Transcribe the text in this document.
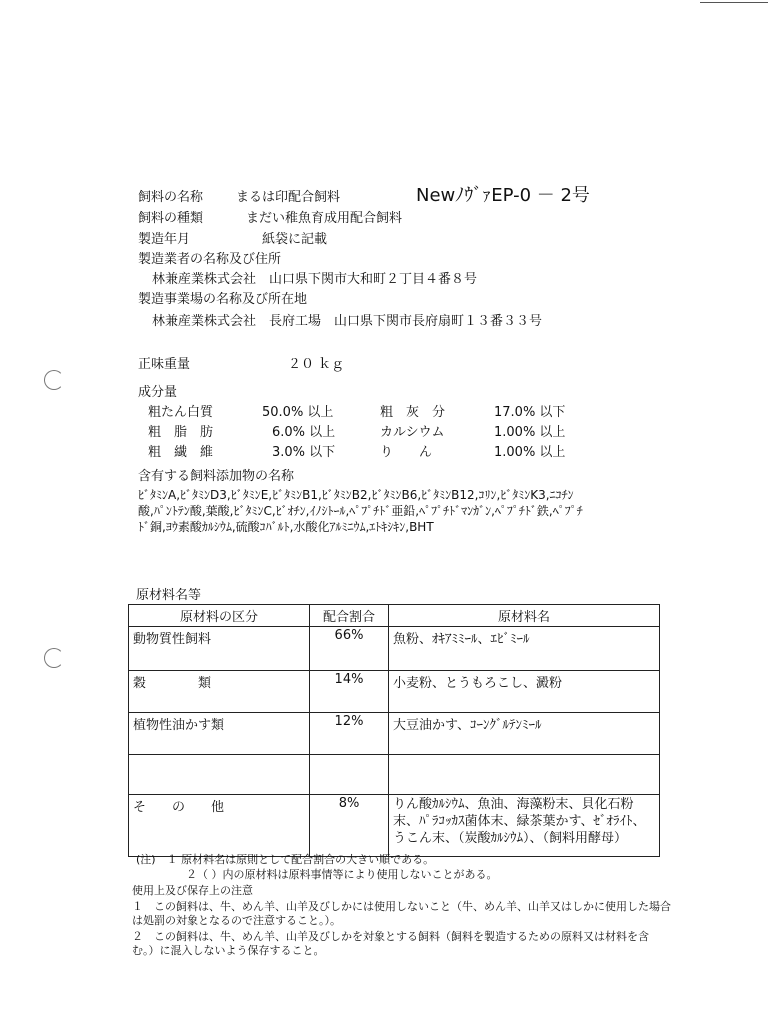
飼料の名称	まるは印配合飼料	NewﾉｳﾞｧEP-0 － 2号
飼料の種類	まだい稚魚育成用配合飼料
製造年月	紙袋に記載
製造業者の名称及び住所
林兼産業株式会社　山口県下関市大和町２丁目４番８号
製造事業場の名称及び所在地
林兼産業株式会社　長府工場　山口県下関市長府扇町１３番３３号
正味重量	２０ ｋｇ
成分量
粗たん白質	50.0% 以上	粗　灰　分	17.0% 以下
粗　脂　肪	6.0% 以上	カルシウム	1.00% 以上
粗　繊　維	3.0% 以下	り　　ん	1.00% 以上
含有する飼料添加物の名称
ﾋﾞﾀﾐﾝA,ﾋﾞﾀﾐﾝD3,ﾋﾞﾀﾐﾝE,ﾋﾞﾀﾐﾝB1,ﾋﾞﾀﾐﾝB2,ﾋﾞﾀﾐﾝB6,ﾋﾞﾀﾐﾝB12,ｺﾘﾝ,ﾋﾞﾀﾐﾝK3,ﾆｺﾁﾝ
酸,ﾊﾟﾝﾄﾃﾝ酸,葉酸,ﾋﾞﾀﾐﾝC,ﾋﾞｵﾁﾝ,ｲﾉｼﾄｰﾙ,ﾍﾟﾌﾟﾁﾄﾞ亜鉛,ﾍﾟﾌﾟﾁﾄﾞﾏﾝｶﾞﾝ,ﾍﾟﾌﾟﾁﾄﾞ鉄,ﾍﾟﾌﾟﾁ
ﾄﾞ銅,ﾖｳ素酸ｶﾙｼｳﾑ,硫酸ｺﾊﾞﾙﾄ,水酸化ｱﾙﾐﾆｳﾑ,ｴﾄｷｼｷﾝ,BHT
原材料名等
原材料の区分	配合割合	原材料名
動物質性飼料	66%	魚粉、ｵｷｱﾐﾐｰﾙ、ｴﾋﾞﾐｰﾙ
穀　　　　類	14%	小麦粉、とうもろこし、澱粉
植物性油かす類	12%	大豆油かす、ｺｰﾝｸﾞﾙﾃﾝﾐｰﾙ

そ　　の　　他	8%	りん酸ｶﾙｼｳﾑ、魚油、海藻粉末、貝化石粉末、ﾊﾟﾗｺｯｶｽ菌体末、緑茶葉かす、ｾﾞｵﾗｲﾄ、うこん末、（炭酸ｶﾙｼｳﾑ）、（飼料用酵母）
(注)　１ 原材料名は原則として配合割合の大きい順である。
２（ ）内の原材料は原料事情等により使用しないことがある。
使用上及び保存上の注意
１　この飼料は、牛、めん羊、山羊及びしかには使用しないこと（牛、めん羊、山羊又はしかに使用した場合
は処罰の対象となるので注意すること。）。
２　この飼料は、牛、めん羊、山羊及びしかを対象とする飼料（飼料を製造するための原料又は材料を含
む。）に混入しないよう保存すること。
